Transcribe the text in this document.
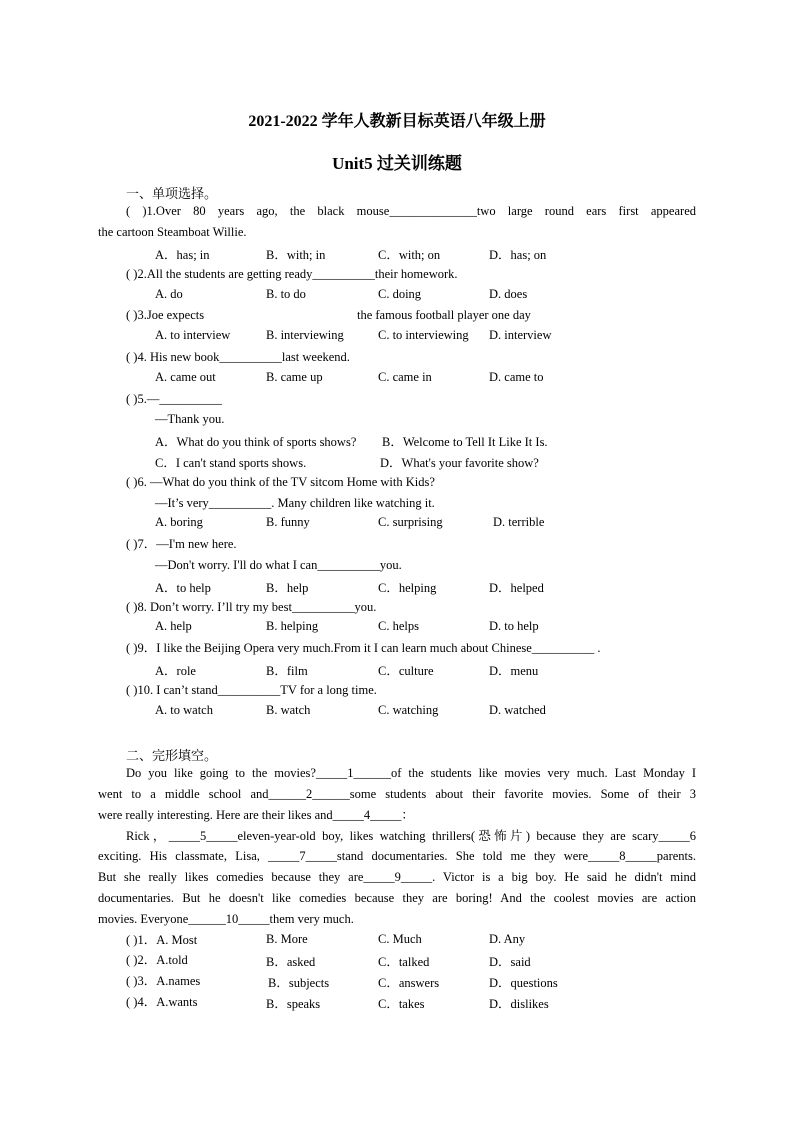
2021-2022 学年人教新目标英语八年级上册
Unit5 过关训练题
一、单项选择。
( )1.Over 80 years ago, the black mouse______________two large round ears first appeared
the cartoon Steamboat Willie.
A．has; in	B．with; in	C．with; on	D．has; on
( )2.All the students are getting ready__________their homework.
A. do	B. to do	C. doing	D. does
( )3.Joe expects	the famous football player one day
A. to interview	B. interviewing	C. to interviewing D. interview
( )4. His new book__________last weekend.
A. came out	B. came up	C. came in	D. came to
( )5.—__________
—Thank you.
A．What do you think of sports shows? B．Welcome to Tell It Like It Is.
C．I can't stand sports shows.	D．What's your favorite show?
( )6. —What do you think of the TV sitcom Home with Kids?
—It’s very__________. Many children like watching it.
A. boring	B. funny	C. surprising	D. terrible
( )7．—I'm new here.
—Don't worry. I'll do what I can__________you.
A．to help	B．help	C．helping	D．helped
( )8. Don’t worry. I’ll try my best__________you.
A. help	B. helping	C. helps	D. to help
( )9．I like the Beijing Opera very much.From it I can learn much about Chinese__________ .
A．role	B．film	C．culture	D．menu
( )10. I can’t stand__________TV for a long time.
A. to watch	B. watch	C. watching	D. watched
二、完形填空。
Do you like going to the movies?_____1______of the students like movies very much. Last Monday I
went to a middle school and______2______some students about their favorite movies. Some of their 3
were really interesting. Here are their likes and_____4_____：
Rick，_____5_____eleven-year-old boy, likes watching thrillers(恐怖片) because they are scary_____6
exciting. His classmate, Lisa, _____7_____stand documentaries. She told me they were_____8_____parents.
But she really likes comedies because they are_____9_____. Victor is a big boy. He said he didn't mind
documentaries. But he doesn't like comedies because they are boring! And the coolest movies are action
movies. Everyone______10_____them very much.
( )1．A. Most	B. More	C. Much	D. Any
( )2．A.told	B．asked	C．talked	D．said
( )3．A.names	B．subjects	C．answers	D．questions
( )4．A.wants	B．speaks	C．takes	D．dislikes
